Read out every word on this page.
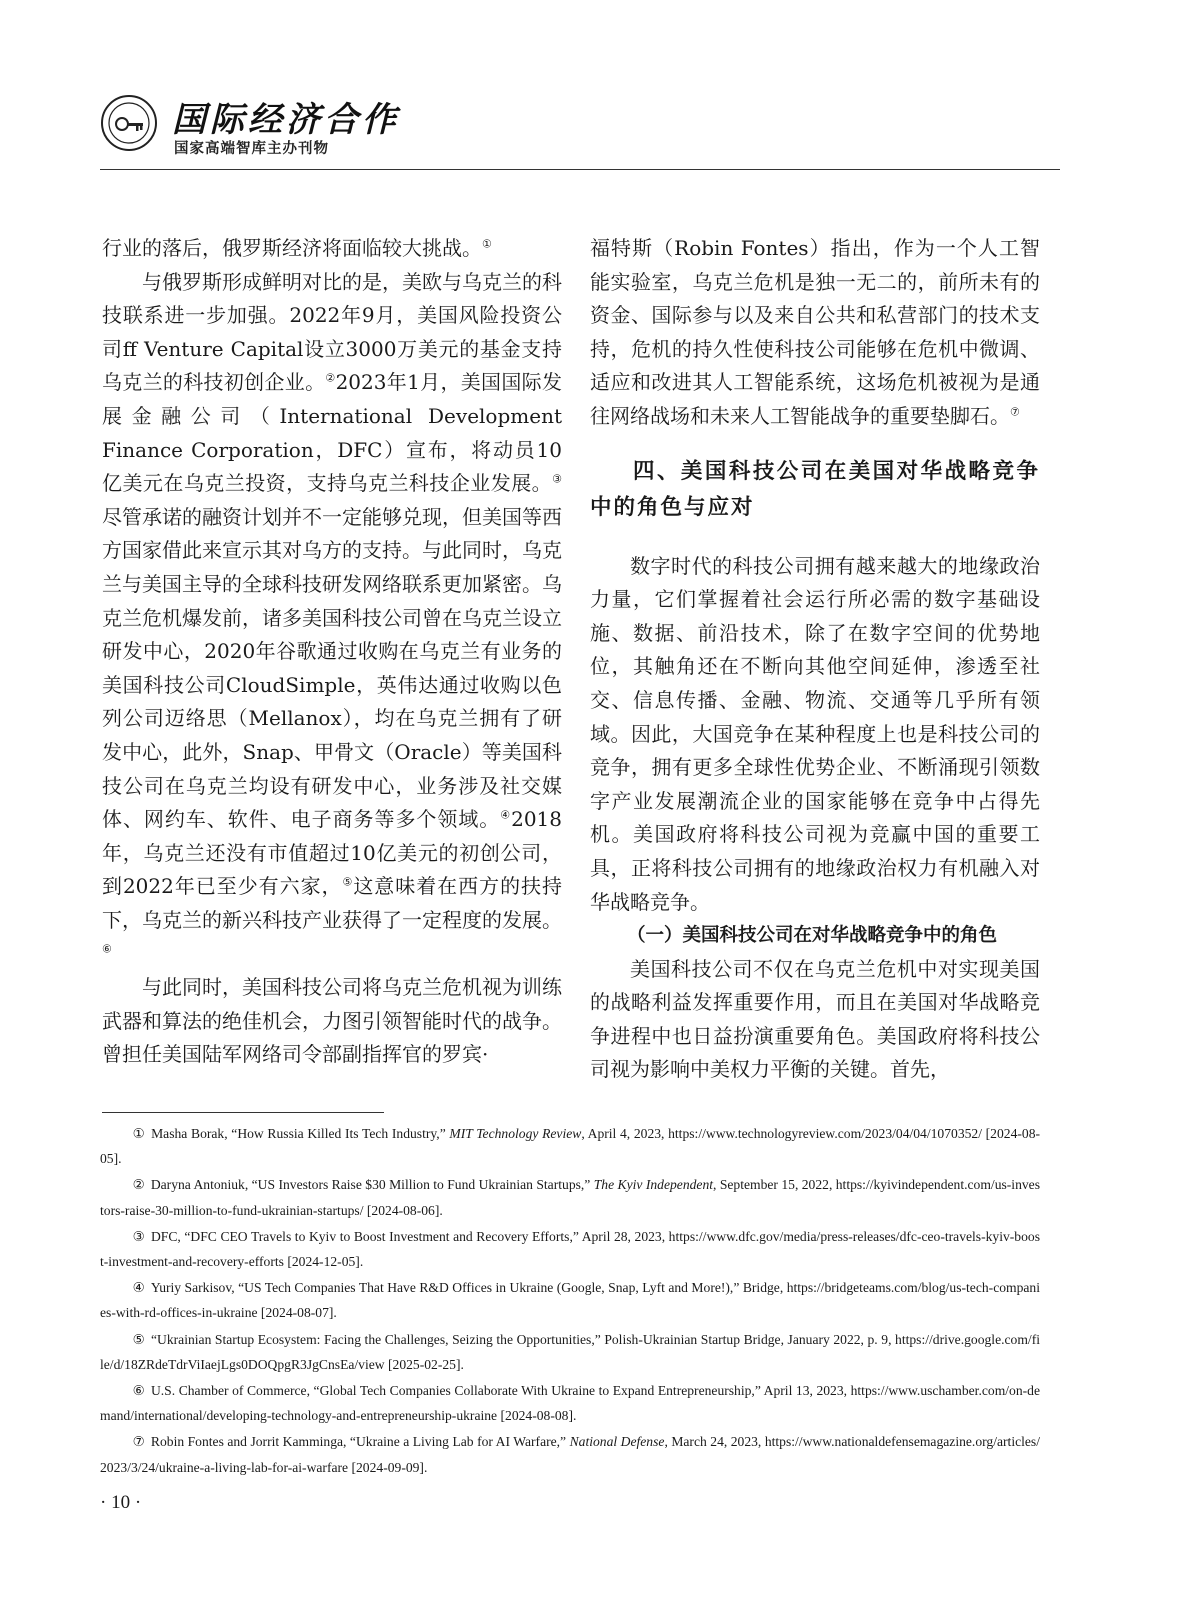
国际经济合作
国家高端智库主办刊物

行业的落后，俄罗斯经济将面临较大挑战。①

与俄罗斯形成鲜明对比的是，美欧与乌克兰的科技联系进一步加强。2022年9月，美国风险投资公司ff Venture Capital设立3000万美元的基金支持乌克兰的科技初创企业。②2023年1月，美国国际发展金融公司（International Development Finance Corporation，DFC）宣布，将动员10亿美元在乌克兰投资，支持乌克兰科技企业发展。③尽管承诺的融资计划并不一定能够兑现，但美国等西方国家借此来宣示其对乌方的支持。与此同时，乌克兰与美国主导的全球科技研发网络联系更加紧密。乌克兰危机爆发前，诸多美国科技公司曾在乌克兰设立研发中心，2020年谷歌通过收购在乌克兰有业务的美国科技公司CloudSimple，英伟达通过收购以色列公司迈络思（Mellanox），均在乌克兰拥有了研发中心，此外，Snap、甲骨文（Oracle）等美国科技公司在乌克兰均设有研发中心，业务涉及社交媒体、网约车、软件、电子商务等多个领域。④2018年，乌克兰还没有市值超过10亿美元的初创公司，到2022年已至少有六家，⑤这意味着在西方的扶持下，乌克兰的新兴科技产业获得了一定程度的发展。⑥

与此同时，美国科技公司将乌克兰危机视为训练武器和算法的绝佳机会，力图引领智能时代的战争。曾担任美国陆军网络司令部副指挥官的罗宾·

福特斯（Robin Fontes）指出，作为一个人工智能实验室，乌克兰危机是独一无二的，前所未有的资金、国际参与以及来自公共和私营部门的技术支持，危机的持久性使科技公司能够在危机中微调、适应和改进其人工智能系统，这场危机被视为是通往网络战场和未来人工智能战争的重要垫脚石。⑦

四、美国科技公司在美国对华战略竞争中的角色与应对

数字时代的科技公司拥有越来越大的地缘政治力量，它们掌握着社会运行所必需的数字基础设施、数据、前沿技术，除了在数字空间的优势地位，其触角还在不断向其他空间延伸，渗透至社交、信息传播、金融、物流、交通等几乎所有领域。因此，大国竞争在某种程度上也是科技公司的竞争，拥有更多全球性优势企业、不断涌现引领数字产业发展潮流企业的国家能够在竞争中占得先机。美国政府将科技公司视为竞赢中国的重要工具，正将科技公司拥有的地缘政治权力有机融入对华战略竞争。

（一）美国科技公司在对华战略竞争中的角色

美国科技公司不仅在乌克兰危机中对实现美国的战略利益发挥重要作用，而且在美国对华战略竞争进程中也日益扮演重要角色。美国政府将科技公司视为影响中美权力平衡的关键。首先，

① Masha Borak, “How Russia Killed Its Tech Industry,” MIT Technology Review, April 4, 2023, https://www.technologyreview.com/2023/04/04/1070352/ [2024-08-05].

② Daryna Antoniuk, “US Investors Raise $30 Million to Fund Ukrainian Startups,” The Kyiv Independent, September 15, 2022, https://kyivindependent.com/us-investors-raise-30-million-to-fund-ukrainian-startups/ [2024-08-06].

③ DFC, “DFC CEO Travels to Kyiv to Boost Investment and Recovery Efforts,” April 28, 2023, https://www.dfc.gov/media/press-releases/dfc-ceo-travels-kyiv-boost-investment-and-recovery-efforts [2024-12-05].

④ Yuriy Sarkisov, “US Tech Companies That Have R&D Offices in Ukraine (Google, Snap, Lyft and More!),” Bridge, https://bridgeteams.com/blog/us-tech-companies-with-rd-offices-in-ukraine [2024-08-07].

⑤ “Ukrainian Startup Ecosystem: Facing the Challenges, Seizing the Opportunities,” Polish-Ukrainian Startup Bridge, January 2022, p. 9, https://drive.google.com/file/d/18ZRdeTdrViIaejLgs0DOQpgR3JgCnsEa/view [2025-02-25].

⑥ U.S. Chamber of Commerce, “Global Tech Companies Collaborate With Ukraine to Expand Entrepreneurship,” April 13, 2023, https://www.uschamber.com/on-demand/international/developing-technology-and-entrepreneurship-ukraine [2024-08-08].

⑦ Robin Fontes and Jorrit Kamminga, “Ukraine a Living Lab for AI Warfare,” National Defense, March 24, 2023, https://www.nationaldefensemagazine.org/articles/2023/3/24/ukraine-a-living-lab-for-ai-warfare [2024-09-09].

· 10 ·
